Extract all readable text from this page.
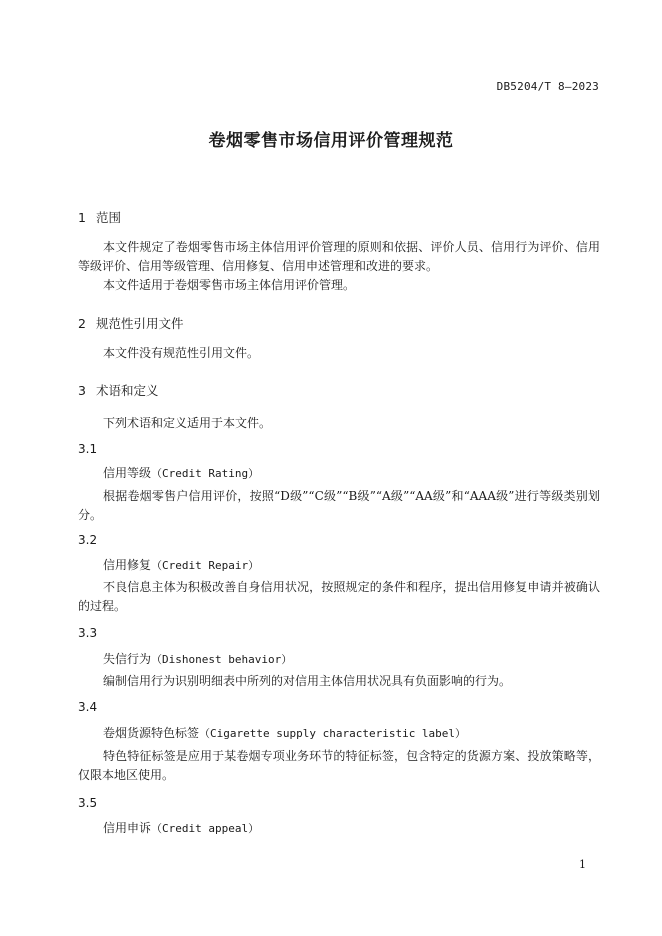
DB5204/T 8—2023
卷烟零售市场信用评价管理规范
1 范围
本文件规定了卷烟零售市场主体信用评价管理的原则和依据、评价人员、信用行为评价、信用等级评价、信用等级管理、信用修复、信用申述管理和改进的要求。
本文件适用于卷烟零售市场主体信用评价管理。
2 规范性引用文件
本文件没有规范性引用文件。
3 术语和定义
下列术语和定义适用于本文件。
3.1
信用等级（Credit Rating）
根据卷烟零售户信用评价，按照“D级”“C级”“B级”“A级”“AA级”和“AAA级”进行等级类别划分。
3.2
信用修复（Credit Repair）
不良信息主体为积极改善自身信用状况，按照规定的条件和程序，提出信用修复申请并被确认的过程。
3.3
失信行为（Dishonest behavior）
编制信用行为识别明细表中所列的对信用主体信用状况具有负面影响的行为。
3.4
卷烟货源特色标签（Cigarette supply characteristic label）
特色特征标签是应用于某卷烟专项业务环节的特征标签，包含特定的货源方案、投放策略等，仅限本地区使用。
3.5
信用申诉（Credit appeal）
1
